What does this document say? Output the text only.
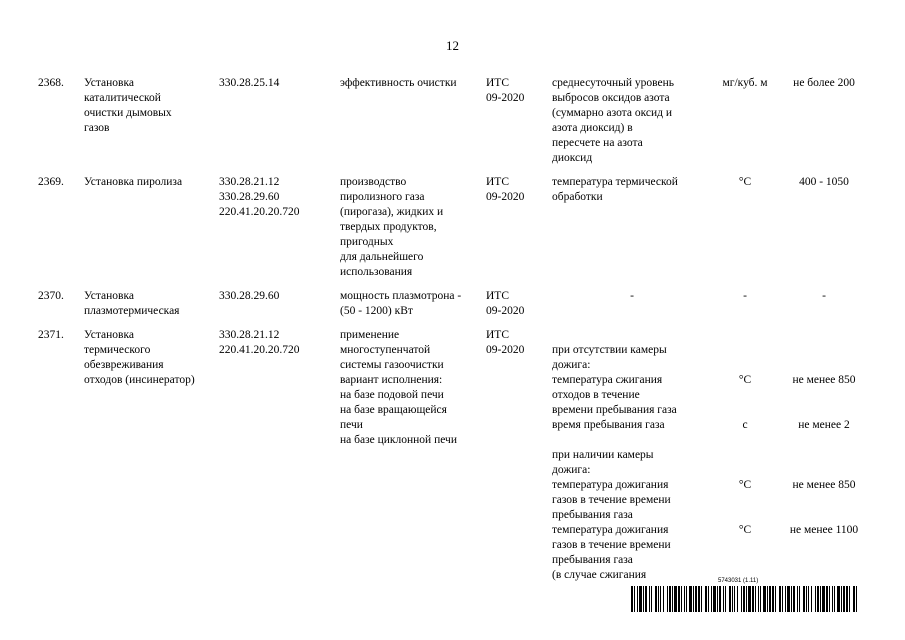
12
2368.	Установка
каталитической
очистки дымовых
газов	330.28.25.14	эффективность очистки	ИТС
09-2020	среднесуточный уровень
выбросов оксидов азота
(суммарно азота оксид и
азота диоксид) в
пересчете на азота
диоксид	мг/куб. м	не более 200
2369.	Установка пиролиза	330.28.21.12
330.28.29.60
220.41.20.20.720	производство
пиролизного газа
(пирогаза), жидких и
твердых продуктов,
пригодных
для дальнейшего
использования	ИТС
09-2020	температура термической
обработки	°C	400 - 1050
2370.	Установка
плазмотермическая	330.28.29.60	мощность плазмотрона -
(50 - 1200) кВт	ИТС
09-2020	-	-	-
2371.	Установка
термического
обезвреживания
отходов (инсинератор)	330.28.21.12
220.41.20.20.720	применение
многоступенчатой
системы газоочистки
вариант исполнения:
на базе подовой печи
на базе вращающейся
печи
на базе циклонной печи	ИТС
09-2020	при отсутствии камеры
дожига:		
температура сжигания
отходов в течение
времени пребывания газа	°C	не менее 850
время пребывания газа	с	не менее 2

при наличии камеры
дожига:		
температура дожигания
газов в течение времени
пребывания газа	°C	не менее 850
температура дожигания
газов в течение времени
пребывания газа
(в случае сжигания	°C	не менее 1100

5743031 (1.11)
